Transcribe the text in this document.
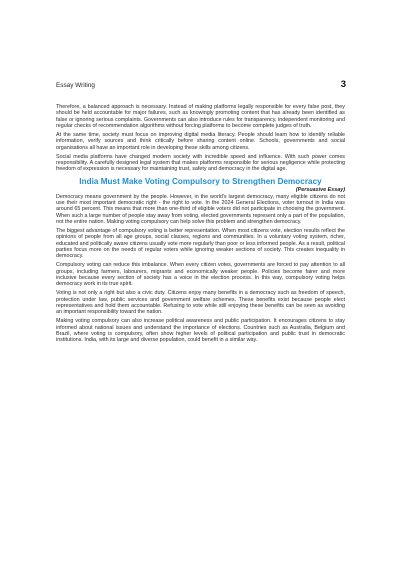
Essay Writing	3

Therefore, a balanced approach is necessary. Instead of making platforms legally responsible for every false post, they should be held accountable for major failures, such as knowingly promoting content that has already been identified as false or ignoring serious complaints. Governments can also introduce rules for transparency, independent monitoring and regular checks of recommendation algorithms without forcing platforms to become complete judges of truth.

At the same time, society must focus on improving digital media literacy. People should learn how to identify reliable information, verify sources and think critically before sharing content online. Schools, governments and social organisations all have an important role in developing these skills among citizens.

Social media platforms have changed modern society with incredible speed and influence. With such power comes responsibility. A carefully designed legal system that makes platforms responsible for serious negligence while protecting freedom of expression is necessary for maintaining trust, safety and democracy in the digital age.

India Must Make Voting Compulsory to Strengthen Democracy
(Persuasive Essay)

Democracy means government by the people. However, in the world's largest democracy, many eligible citizens do not use their most important democratic right - the right to vote. In the 2024 General Elections, voter turnout in India was around 65 percent. This means that more than one-third of eligible voters did not participate in choosing the government. When such a large number of people stay away from voting, elected governments represent only a part of the population, not the entire nation. Making voting compulsory can help solve this problem and strengthen democracy.

The biggest advantage of compulsory voting is better representation. When most citizens vote, election results reflect the opinions of people from all age groups, social classes, regions and communities. In a voluntary voting system, richer, educated and politically aware citizens usually vote more regularly than poor or less informed people. As a result, political parties focus more on the needs of regular voters while ignoring weaker sections of society. This creates inequality in democracy.

Compulsory voting can reduce this imbalance. When every citizen votes, governments are forced to pay attention to all groups, including farmers, labourers, migrants and economically weaker people. Policies become fairer and more inclusive because every section of society has a voice in the election process. In this way, compulsory voting helps democracy work in its true spirit.

Voting is not only a right but also a civic duty. Citizens enjoy many benefits in a democracy such as freedom of speech, protection under law, public services and government welfare schemes. These benefits exist because people elect representatives and hold them accountable. Refusing to vote while still enjoying these benefits can be seen as avoiding an important responsibility toward the nation.

Making voting compulsory can also increase political awareness and public participation. It encourages citizens to stay informed about national issues and understand the importance of elections. Countries such as Australia, Belgium and Brazil, where voting is compulsory, often show higher levels of political participation and public trust in democratic institutions. India, with its large and diverse population, could benefit in a similar way.
